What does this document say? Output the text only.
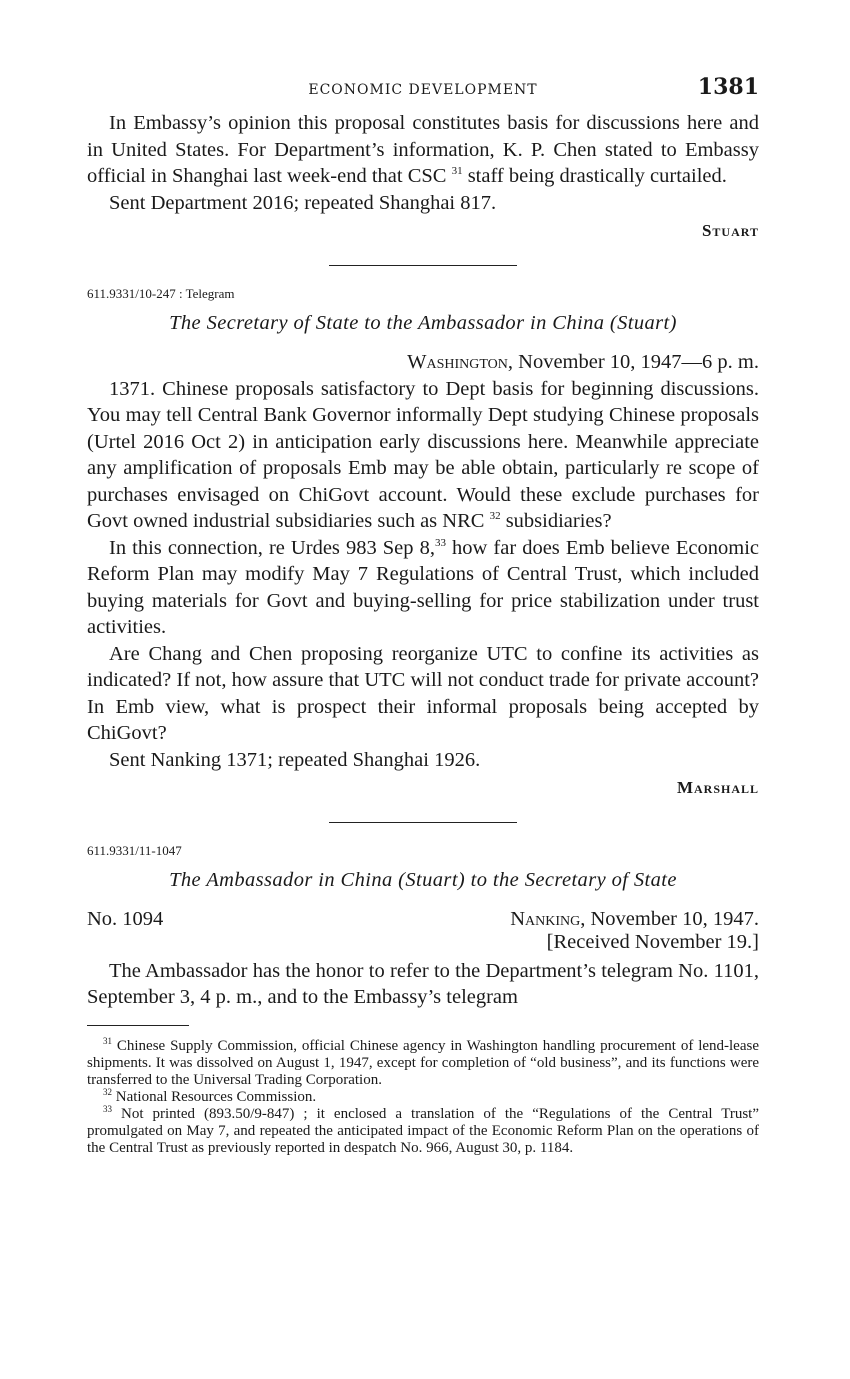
ECONOMIC DEVELOPMENT	1381

In Embassy’s opinion this proposal constitutes basis for discussions here and in United States. For Department’s information, K. P. Chen stated to Embassy official in Shanghai last week-end that CSC $^{31}$ staff being drastically curtailed.

Sent Department 2016; repeated Shanghai 817.

Stuart
611.9331/10-247 : Telegram
The Secretary of State to the Ambassador in China (Stuart)
Washington, November 10, 1947—6 p. m.

1371. Chinese proposals satisfactory to Dept basis for beginning discussions. You may tell Central Bank Governor informally Dept studying Chinese proposals (Urtel 2016 Oct 2) in anticipation early discussions here. Meanwhile appreciate any amplification of proposals Emb may be able obtain, particularly re scope of purchases envisaged on ChiGovt account. Would these exclude purchases for Govt owned industrial subsidiaries such as NRC $^{32}$ subsidiaries?

In this connection, re Urdes 983 Sep 8,33 how far does Emb believe Economic Reform Plan may modify May 7 Regulations of Central Trust, which included buying materials for Govt and buying-selling for price stabilization under trust activities.

Are Chang and Chen proposing reorganize UTC to confine its activities as indicated? If not, how assure that UTC will not conduct trade for private account? In Emb view, what is prospect their informal proposals being accepted by ChiGovt?

Sent Nanking 1371; repeated Shanghai 1926.

Marshall
611.9331/11-1047
The Ambassador in China (Stuart) to the Secretary of State
No. 1094	Nanking, November 10, 1947.
[Received November 19.]

The Ambassador has the honor to refer to the Department’s telegram No. 1101, September 3, 4 p. m., and to the Embassy’s telegram

$^{31}$ Chinese Supply Commission, official Chinese agency in Washington handling procurement of lend-lease shipments. It was dissolved on August 1, 1947, except for completion of “old business”, and its functions were transferred to the Universal Trading Corporation.

$^{32}$ National Resources Commission.

$^{33}$ Not printed (893.50/9-847) ; it enclosed a translation of the “Regulations of the Central Trust” promulgated on May 7, and repeated the anticipated impact of the Economic Reform Plan on the operations of the Central Trust as previously reported in despatch No. 966, August 30, p. 1184.
